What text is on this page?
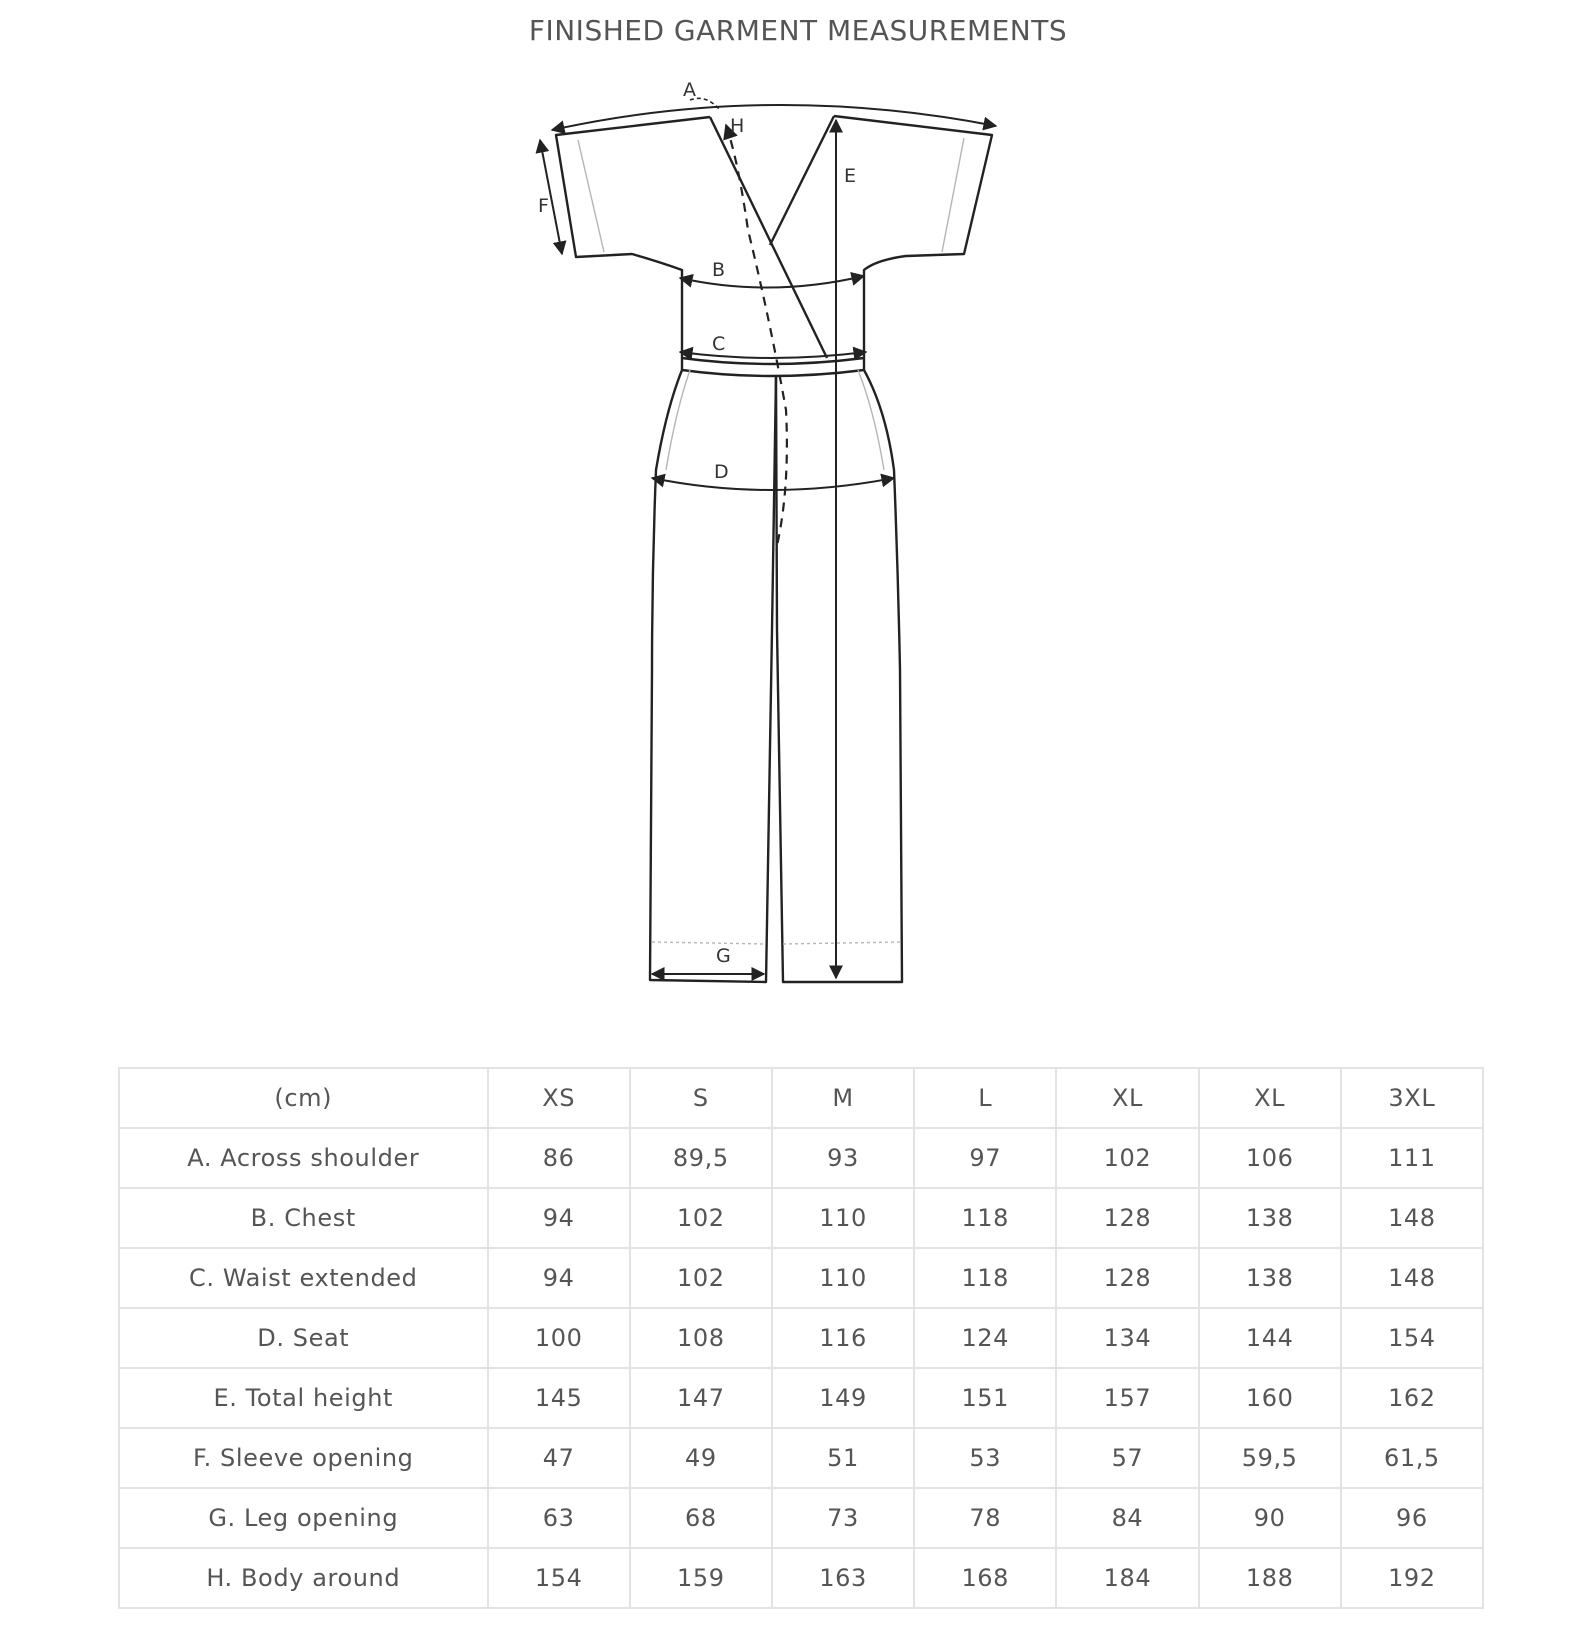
FINISHED GARMENT MEASUREMENTS
A
H
F
E
B
C
D
G
(cm)	XS	S	M	L	XL	XL	3XL
A. Across shoulder	86	89,5	93	97	102	106	111
B. Chest	94	102	110	118	128	138	148
C. Waist extended	94	102	110	118	128	138	148
D. Seat	100	108	116	124	134	144	154
E. Total height	145	147	149	151	157	160	162
F. Sleeve opening	47	49	51	53	57	59,5	61,5
G. Leg opening	63	68	73	78	84	90	96
H. Body around	154	159	163	168	184	188	192
